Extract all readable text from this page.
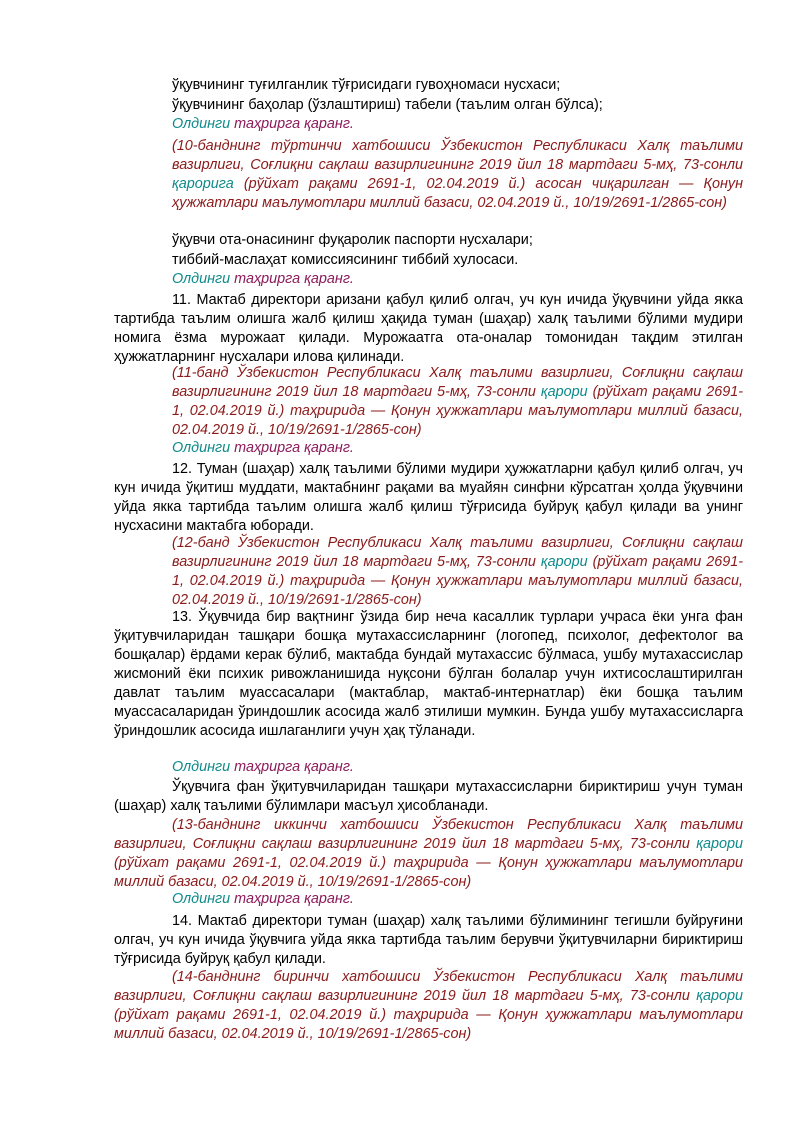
ўқувчининг туғилганлик тўғрисидаги гувоҳномаси нусхаси;
ўқувчининг баҳолар (ўзлаштириш) табели (таълим олган бўлса);
Олдинги таҳрирга қаранг.
(10-банднинг тўртинчи хатбошиси Ўзбекистон Республикаси Халқ таълими вазирлиги, Соғлиқни сақлаш вазирлигининг 2019 йил 18 мартдаги 5-мҳ, 73-сонли қарорига (рўйхат рақами 2691-1, 02.04.2019 й.) асосан чиқарилган — Қонун ҳужжатлари маълумотлари миллий базаси, 02.04.2019 й., 10/19/2691-1/2865-сон)
ўқувчи ота-онасининг фуқаролик паспорти нусхалари;
тиббий-маслаҳат комиссиясининг тиббий хулосаси.
Олдинги таҳрирга қаранг.
11. Мактаб директори аризани қабул қилиб олгач, уч кун ичида ўқувчини уйда якка тартибда таълим олишга жалб қилиш ҳақида туман (шаҳар) халқ таълими бўлими мудири номига ёзма мурожаат қилади. Мурожаатга ота-оналар томонидан тақдим этилган ҳужжатларнинг нусхалари илова қилинади.
(11-банд Ўзбекистон Республикаси Халқ таълими вазирлиги, Соғлиқни сақлаш вазирлигининг 2019 йил 18 мартдаги 5-мҳ, 73-сонли қарори (рўйхат рақами 2691-1, 02.04.2019 й.) таҳририда — Қонун ҳужжатлари маълумотлари миллий базаси, 02.04.2019 й., 10/19/2691-1/2865-сон)
Олдинги таҳрирга қаранг.
12. Туман (шаҳар) халқ таълими бўлими мудири ҳужжатларни қабул қилиб олгач, уч кун ичида ўқитиш муддати, мактабнинг рақами ва муайян синфни кўрсатган ҳолда ўқувчини уйда якка тартибда таълим олишга жалб қилиш тўғрисида буйруқ қабул қилади ва унинг нусхасини мактабга юборади.
(12-банд Ўзбекистон Республикаси Халқ таълими вазирлиги, Соғлиқни сақлаш вазирлигининг 2019 йил 18 мартдаги 5-мҳ, 73-сонли қарори (рўйхат рақами 2691-1, 02.04.2019 й.) таҳририда — Қонун ҳужжатлари маълумотлари миллий базаси, 02.04.2019 й., 10/19/2691-1/2865-сон)
13. Ўқувчида бир вақтнинг ўзида бир неча касаллик турлари учраса ёки унга фан ўқитувчиларидан ташқари бошқа мутахассисларнинг (логопед, психолог, дефектолог ва бошқалар) ёрдами керак бўлиб, мактабда бундай мутахассис бўлмаса, ушбу мутахассислар жисмоний ёки психик ривожланишида нуқсони бўлган болалар учун ихтисослаштирилган давлат таълим муассасалари (мактаблар, мактаб-интернатлар) ёки бошқа таълим муассасаларидан ўриндошлик асосида жалб этилиши мумкин. Бунда ушбу мутахассисларга ўриндошлик асосида ишлаганлиги учун ҳақ тўланади.
Олдинги таҳрирга қаранг.
Ўқувчига фан ўқитувчиларидан ташқари мутахассисларни бириктириш учун туман (шаҳар) халқ таълими бўлимлари масъул ҳисобланади.
(13-банднинг иккинчи хатбошиси Ўзбекистон Республикаси Халқ таълими вазирлиги, Соғлиқни сақлаш вазирлигининг 2019 йил 18 мартдаги 5-мҳ, 73-сонли қарори (рўйхат рақами 2691-1, 02.04.2019 й.) таҳририда — Қонун ҳужжатлари маълумотлари миллий базаси, 02.04.2019 й., 10/19/2691-1/2865-сон)
Олдинги таҳрирга қаранг.
14. Мактаб директори туман (шаҳар) халқ таълими бўлимининг тегишли буйруғини олгач, уч кун ичида ўқувчига уйда якка тартибда таълим берувчи ўқитувчиларни бириктириш тўғрисида буйруқ қабул қилади.
(14-банднинг биринчи хатбошиси Ўзбекистон Республикаси Халқ таълими вазирлиги, Соғлиқни сақлаш вазирлигининг 2019 йил 18 мартдаги 5-мҳ, 73-сонли қарори (рўйхат рақами 2691-1, 02.04.2019 й.) таҳририда — Қонун ҳужжатлари маълумотлари миллий базаси, 02.04.2019 й., 10/19/2691-1/2865-сон)
